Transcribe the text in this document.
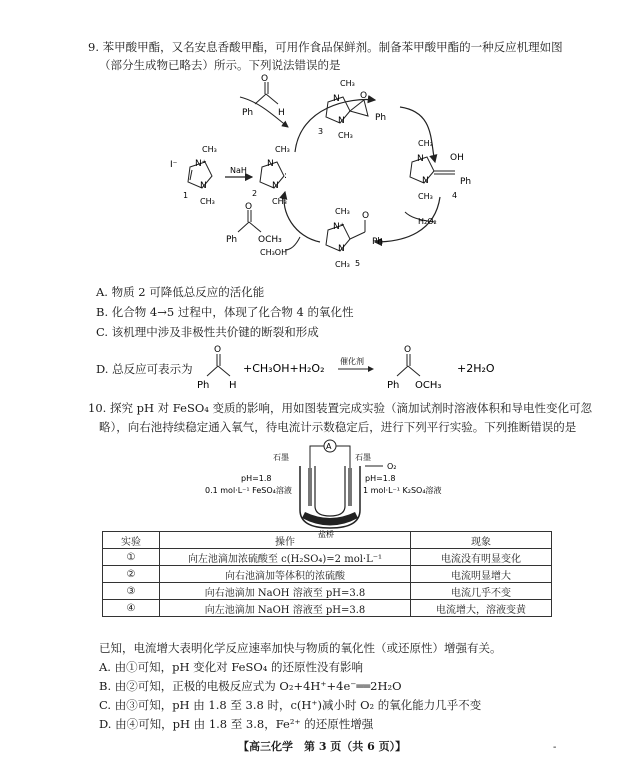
9. 苯甲酸甲酯，又名安息香酸甲酯，可用作食品保鲜剂。制备苯甲酸甲酯的一种反应机理如图
（部分生成物已略去）所示。下列说法错误的是
O
Ph	H
N⁺
N
CH₃
CH₃
I⁻
1
NaH
N
N
:
CH₃
CH₃
2
N
N
O
Ph
CH₃
CH₃
3
N
N
OH
Ph
CH₃
CH₃ 4
H₂O₂
N⁺
N
O
Ph
CH₃
CH₃ 5
O
Ph OCH₃
CH₃OH
A. 物质 2 可降低总反应的活化能
B. 化合物 4→5 过程中，体现了化合物 4 的氧化性
C. 该机理中涉及非极性共价键的断裂和形成
D. 总反应可表示为
O
Ph H
+CH₃OH+H₂O₂
催化剂
O
Ph OCH₃
+2H₂O
10. 探究 pH 对 FeSO₄ 变质的影响，用如图装置完成实验（滴加试剂时溶液体积和导电性变化可忽
略），向右池持续稳定通入氧气，待电流计示数稳定后，进行下列平行实验。下列推断错误的是
A
石墨	石墨
O₂
pH=1.8
0.1 mol·L⁻¹ FeSO₄溶液
pH=1.8
1 mol·L⁻¹ K₂SO₄溶液
盐桥
实验	操作	现象
①	向左池滴加浓硫酸至 c(H₂SO₄)=2 mol·L⁻¹	电流没有明显变化
②	向右池滴加等体积的浓硫酸	电流明显增大
③	向右池滴加 NaOH 溶液至 pH=3.8	电流几乎不变
④	向左池滴加 NaOH 溶液至 pH=3.8	电流增大，溶液变黄
已知，电流增大表明化学反应速率加快与物质的氧化性（或还原性）增强有关。
A. 由①可知，pH 变化对 FeSO₄ 的还原性没有影响
B. 由②可知，正极的电极反应式为 O₂+4H⁺+4e⁻══2H₂O
C. 由③可知，pH 由 1.8 至 3.8 时，c(H⁺)减小时 O₂ 的氧化能力几乎不变
D. 由④可知，pH 由 1.8 至 3.8，Fe²⁺ 的还原性增强
【高三化学　第 3 页（共 6 页）】	-
